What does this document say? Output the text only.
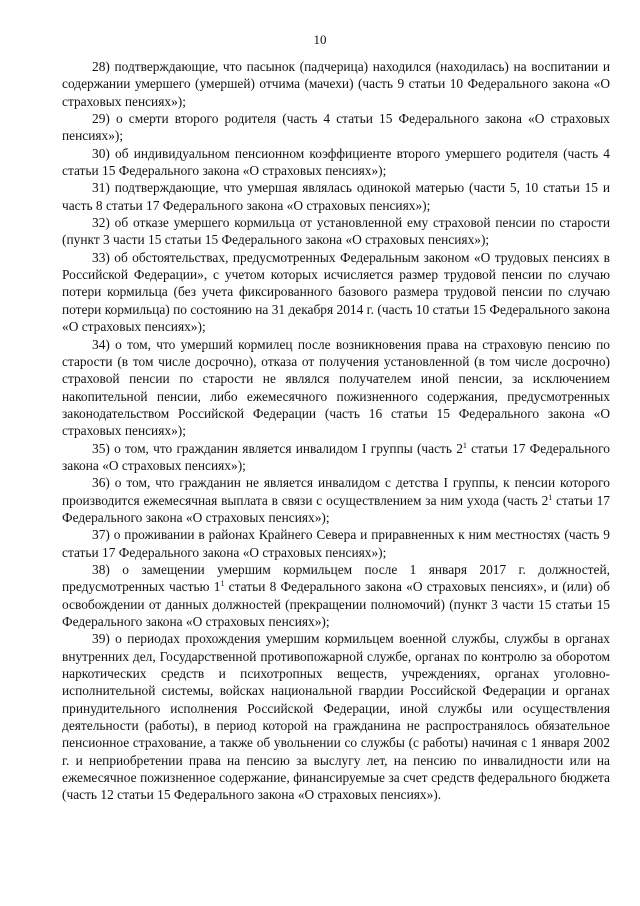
10

28) подтверждающие, что пасынок (падчерица) находился (находилась) на воспитании и содержании умершего (умершей) отчима (мачехи) (часть 9 статьи 10 Федерального закона «О страховых пенсиях»);

29) о смерти второго родителя (часть 4 статьи 15 Федерального закона «О страховых пенсиях»);

30) об индивидуальном пенсионном коэффициенте второго умершего родителя (часть 4 статьи 15 Федерального закона «О страховых пенсиях»);

31) подтверждающие, что умершая являлась одинокой матерью (части 5, 10 статьи 15 и часть 8 статьи 17 Федерального закона «О страховых пенсиях»);

32) об отказе умершего кормильца от установленной ему страховой пенсии по старости (пункт 3 части 15 статьи 15 Федерального закона «О страховых пенсиях»);

33) об обстоятельствах, предусмотренных Федеральным законом «О трудовых пенсиях в Российской Федерации», с учетом которых исчисляется размер трудовой пенсии по случаю потери кормильца (без учета фиксированного базового размера трудовой пенсии по случаю потери кормильца) по состоянию на 31 декабря 2014 г. (часть 10 статьи 15 Федерального закона «О страховых пенсиях»);

34) о том, что умерший кормилец после возникновения права на страховую пенсию по старости (в том числе досрочно), отказа от получения установленной (в том числе досрочно) страховой пенсии по старости не являлся получателем иной пенсии, за исключением накопительной пенсии, либо ежемесячного пожизненного содержания, предусмотренных законодательством Российской Федерации (часть 16 статьи 15 Федерального закона «О страховых пенсиях»);

35) о том, что гражданин является инвалидом I группы (часть $2^1$ статьи 17 Федерального закона «О страховых пенсиях»);

36) о том, что гражданин не является инвалидом с детства I группы, к пенсии которого производится ежемесячная выплата в связи с осуществлением за ним ухода (часть $2^1$ статьи 17 Федерального закона «О страховых пенсиях»);

37) о проживании в районах Крайнего Севера и приравненных к ним местностях (часть 9 статьи 17 Федерального закона «О страховых пенсиях»);

38) о замещении умершим кормильцем после 1 января 2017 г. должностей, предусмотренных частью $1^1$ статьи 8 Федерального закона «О страховых пенсиях», и (или) об освобождении от данных должностей (прекращении полномочий) (пункт 3 части 15 статьи 15 Федерального закона «О страховых пенсиях»);

39) о периодах прохождения умершим кормильцем военной службы, службы в органах внутренних дел, Государственной противопожарной службе, органах по контролю за оборотом наркотических средств и психотропных веществ, учреждениях, органах уголовно-исполнительной системы, войсках национальной гвардии Российской Федерации и органах принудительного исполнения Российской Федерации, иной службы или осуществления деятельности (работы), в период которой на гражданина не распространялось обязательное пенсионное страхование, а также об увольнении со службы (с работы) начиная с 1 января 2002 г. и неприобретении права на пенсию за выслугу лет, на пенсию по инвалидности или на ежемесячное пожизненное содержание, финансируемые за счет средств федерального бюджета (часть 12 статьи 15 Федерального закона «О страховых пенсиях»).
